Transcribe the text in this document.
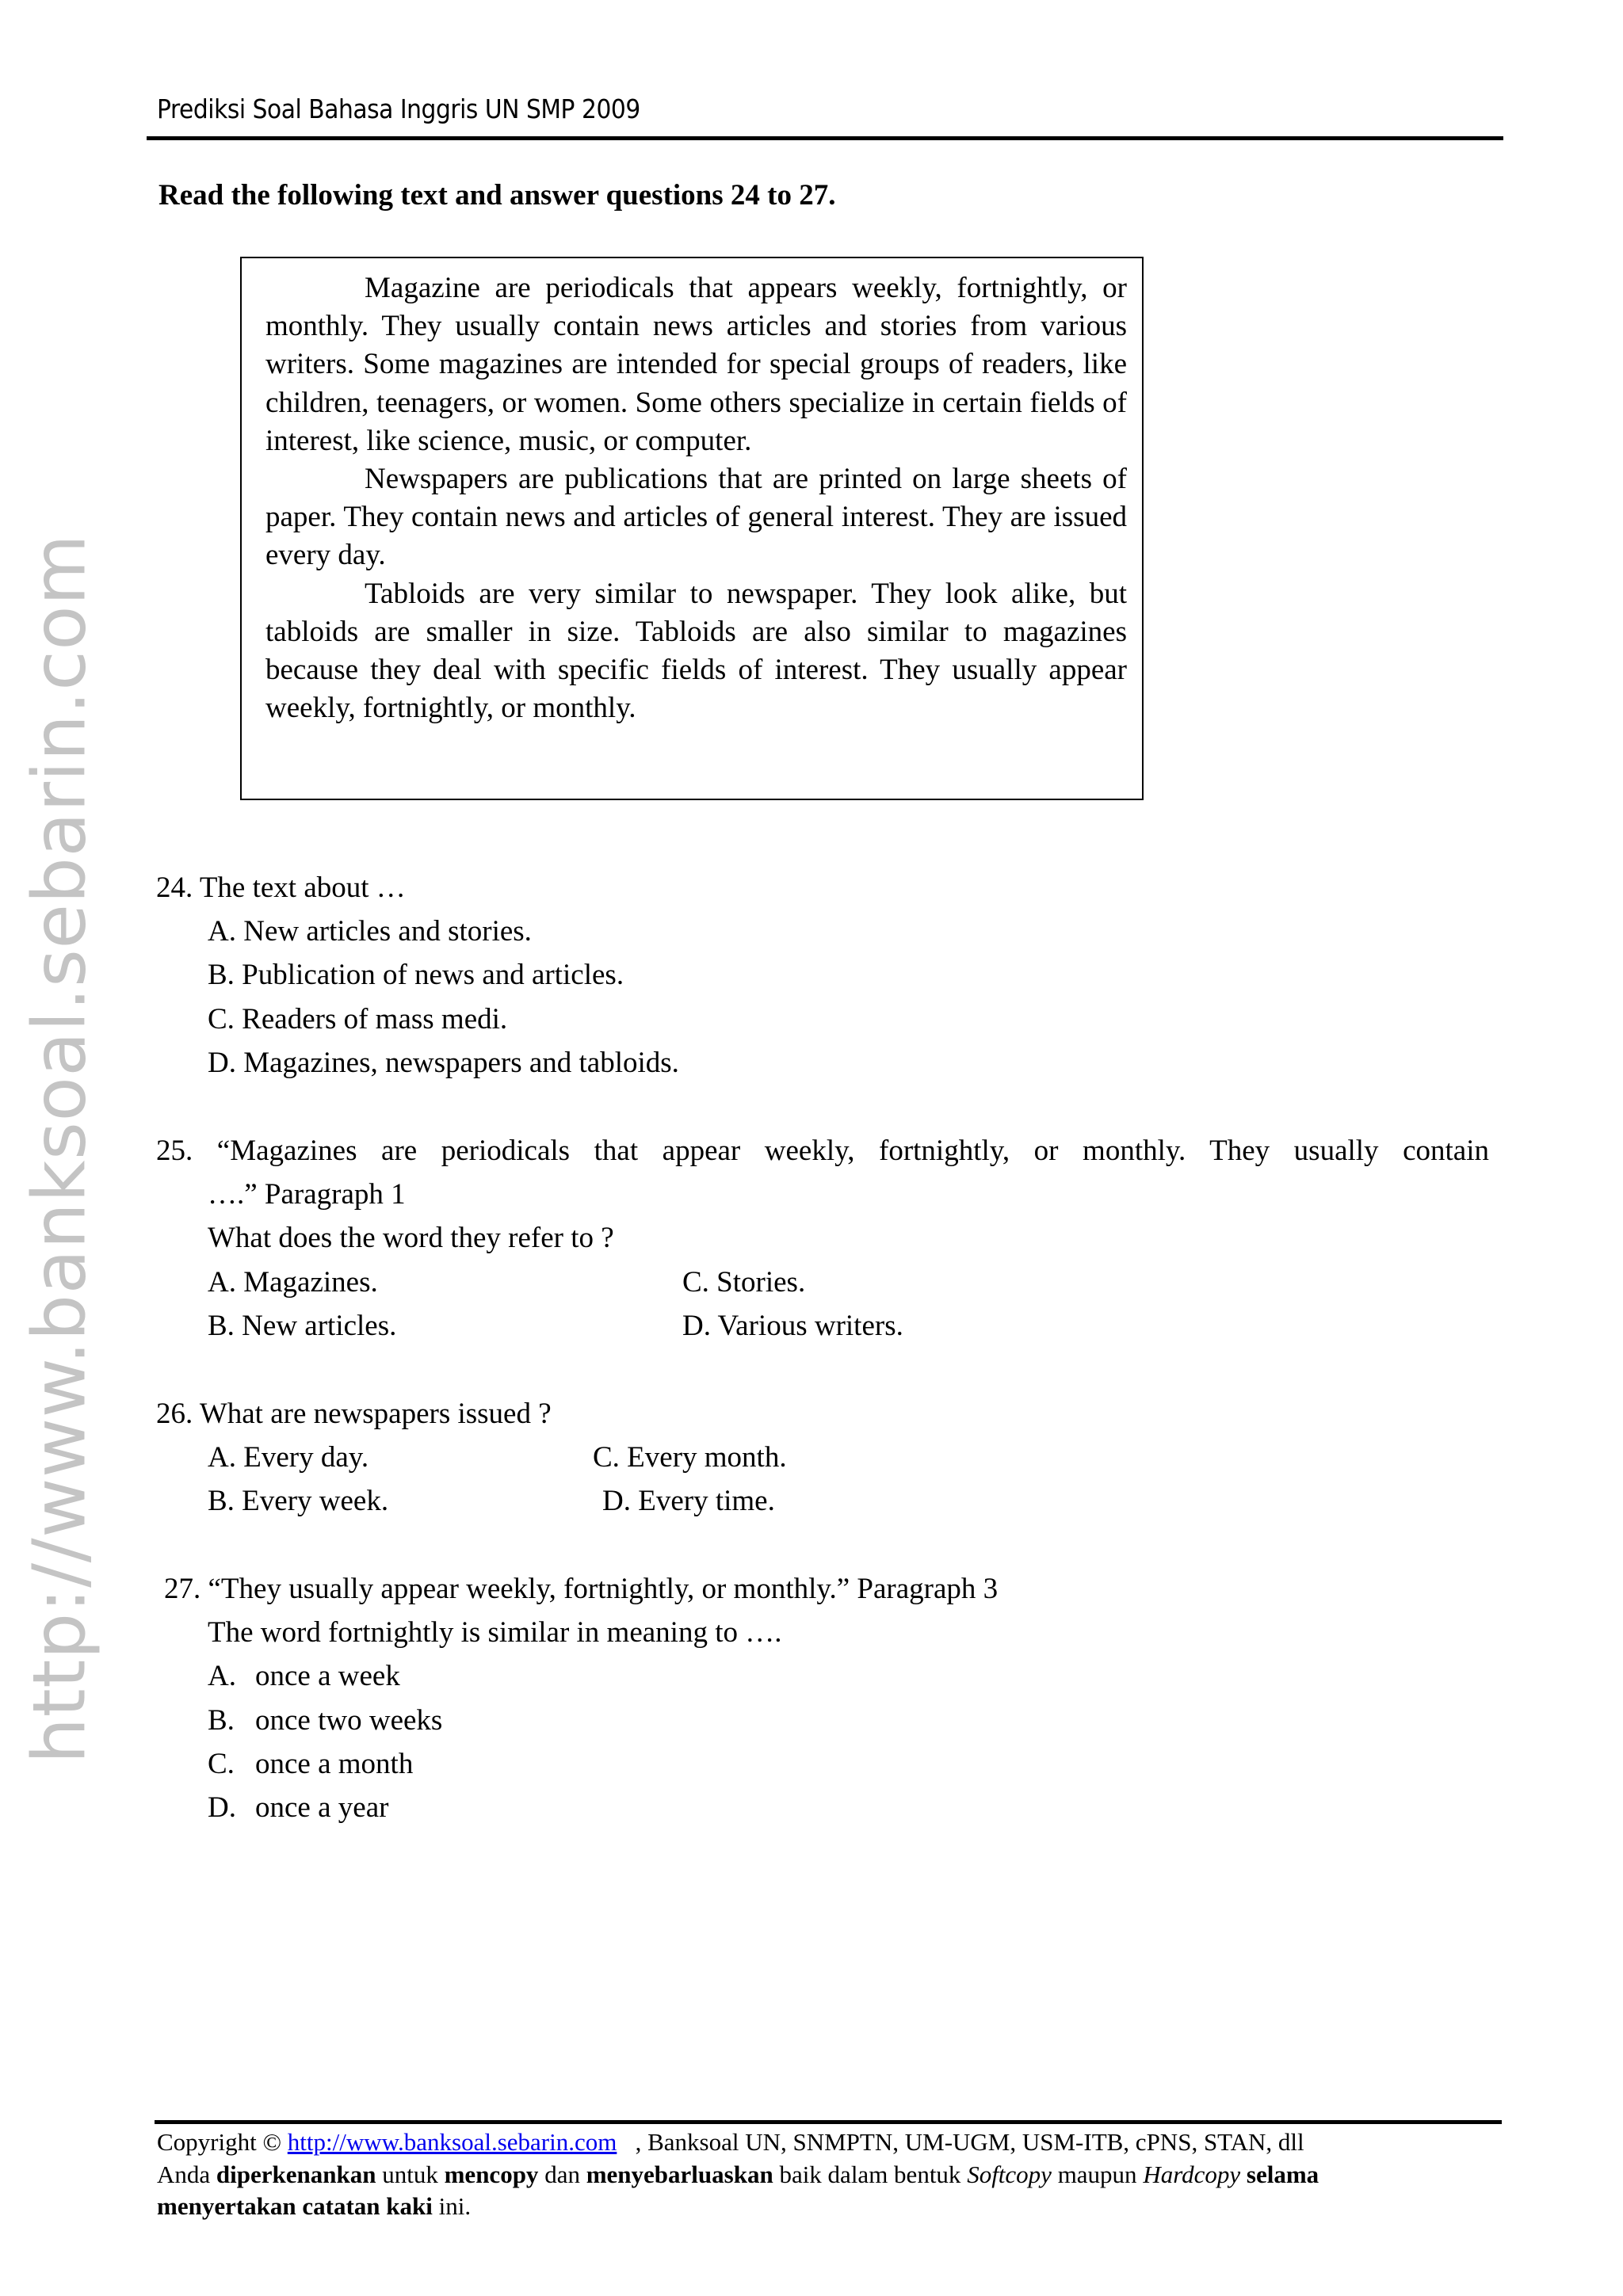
http://www.banksoal.sebarin.com
Prediksi Soal Bahasa Inggris UN SMP 2009
Read the following text and answer questions 24 to 27.

Magazine are periodicals that appears weekly, fortnightly, or monthly. They usually contain news articles and stories from various writers. Some magazines are intended for special groups of readers, like children, teenagers, or women. Some others specialize in certain fields of interest, like science, music, or computer.

Newspapers are publications that are printed on large sheets of paper. They contain news and articles of general interest. They are issued every day.

Tabloids are very similar to newspaper. They look alike, but tabloids are smaller in size. Tabloids are also similar to magazines because they deal with specific fields of interest. They usually appear weekly, fortnightly, or monthly.

24. The text about …
A. New articles and stories.
B. Publication of news and articles.
C. Readers of mass medi.
D. Magazines, newspapers and tabloids.
25. “Magazines are periodicals that appear weekly, fortnightly, or monthly. They usually contain
….” Paragraph 1
What does the word they refer to ?
A. Magazines.	C. Stories.
B. New articles.	D. Various writers.
26. What are newspapers issued ?
A. Every day.	C. Every month.
B. Every week.	D. Every time.
27. “They usually appear weekly, fortnightly, or monthly.” Paragraph 3
The word fortnightly is similar in meaning to ….
A. once a week
B. once two weeks
C. once a month
D. once a year
Copyright © http://www.banksoal.sebarin.com , Banksoal UN, SNMPTN, UM-UGM, USM-ITB, cPNS, STAN, dll
Anda diperkenankan untuk mencopy dan menyebarluaskan baik dalam bentuk Softcopy maupun Hardcopy selama
menyertakan catatan kaki ini.
